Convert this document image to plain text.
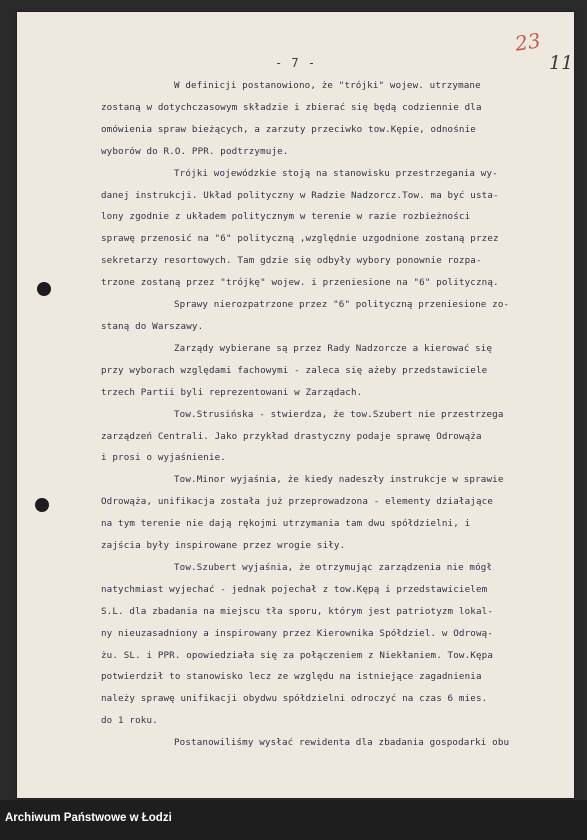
- 7 -
23
11
W definicji postanowiono, że "trójki" wojew. utrzymane
zostaną w dotychczasowym składzie i zbierać się będą codziennie dla
omówienia spraw bieżących, a zarzuty przeciwko tow.Kępie, odnośnie
wyborów do R.O. PPR. podtrzymuje.
Trójki wojewódzkie stoją na stanowisku przestrzegania wy-
danej instrukcji. Układ polityczny w Radzie Nadzorcz.Tow. ma być usta-
lony zgodnie z układem politycznym w terenie w razie rozbieżności
sprawę przenosić na "6" polityczną ,względnie uzgodnione zostaną przez
sekretarzy resortowych. Tam gdzie się odbyły wybory ponownie rozpa-
trzone zostaną przez "trójkę" wojew. i przeniesione na "6" polityczną.
Sprawy nierozpatrzone przez "6" polityczną przeniesione zo-
staną do Warszawy.
Zarządy wybierane są przez Rady Nadzorcze a kierować się
przy wyborach względami fachowymi - zaleca się ażeby przedstawiciele
trzech Partii byli reprezentowani w Zarządach.
Tow.Strusińska - stwierdza, że tow.Szubert nie przestrzega
zarządzeń Centrali. Jako przykład drastyczny podaje sprawę Odrowąża
i prosi o wyjaśnienie.
Tow.Minor wyjaśnia, że kiedy nadeszły instrukcje w sprawie
Odrowąża, unifikacja została już przeprowadzona - elementy działające
na tym terenie nie dają rękojmi utrzymania tam dwu spółdzielni, i
zajścia były inspirowane przez wrogie siły.
Tow.Szubert wyjaśnia, że otrzymując zarządzenia nie mógł
natychmiast wyjechać - jednak pojechał z tow.Kępą i przedstawicielem
S.L. dla zbadania na miejscu tła sporu, którym jest patriotyzm lokal-
ny nieuzasadniony a inspirowany przez Kierownika Spółdziel. w Odrową-
żu. SL. i PPR. opowiedziała się za połączeniem z Niekłaniem. Tow.Kępa
potwierdził to stanowisko lecz ze względu na istniejące zagadnienia
należy sprawę unifikacji obydwu spółdzielni odroczyć na czas 6 mies.
do 1 roku.
Postanowiliśmy wysłać rewidenta dla zbadania gospodarki obu
Archiwum Państwowe w Łodzi
